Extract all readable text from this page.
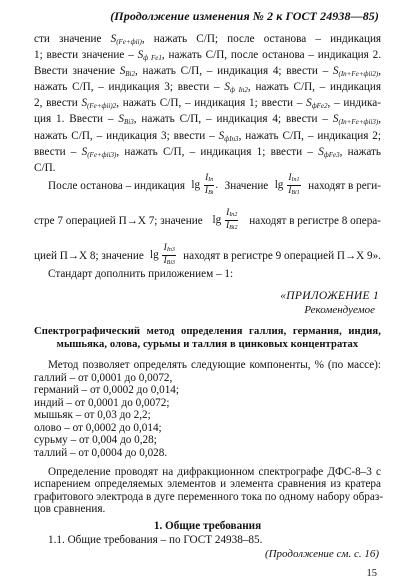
(Продолжение изменения № 2 к ГОСТ 24938—85)
сти значение $S_{(Fe+фіі)}$, нажать С/П; после останова – индикация
1; ввести значение – $S_{ф Fe1}$, нажать С/П, после останова – индикация 2.
Ввести значение $S_{Bi2}$, нажать С/П, – индикация 4; ввести – $S_{(In+Fe+фіі2)}$,
нажать С/П, – индикация 3; ввести – $S_{ф In2}$, нажать С/П, – индикация
2, ввести $S_{(Fe+фіі)2}$, нажать С/П, – индикация 1; ввести – $S_{фFe2}$, – индика-
ция 1. Ввести – $S_{Bi3}$, нажать С/П, – индикация 4; ввести – $S_{(In+Fe+фіі3)}$,
нажать С/П, – индикация 3; ввести – $S_{фIn3}$, нажать С/П, – индикация 2;
ввести – $S_{(Fe+фіі3)}$, нажать С/П, – индикация 1; ввести – $S_{фFe3}$, нажать
С/П.
После останова – индикация $\lg \frac{I_{In}}{I_{Bi}}$ . Значение $\lg \frac{I_{In1}}{I_{Bi1}}$ находят в реги-
стре 7 операцией П→Х 7; значение $\lg \frac{I_{In2}}{I_{Bi2}}$ находят в регистре 8 опера-
цией П→Х 8; значение $\lg \frac{I_{In3}}{I_{Bi3}}$ находят в регистре 9 операцией П→Х 9».
Стандарт дополнить приложением – 1:
«ПРИЛОЖЕНИЕ 1
Рекомендуемое
Спектрографический метод определения галлия, германия, индия,
мышьяка, олова, сурьмы и таллия в цинковых концентратах
Метод позволяет определять следующие компоненты, % (по массе):
галлий – от 0,0001 до 0,0072,
германий – от 0,0002 до 0,014;
индий – от 0,0001 до 0,0072;
мышьяк – от 0,03 до 2,2;
олово – от 0,0002 до 0,014;
сурьму – от 0,004 до 0,28;
таллий – от 0,0004 до 0,028.
Определение проводят на дифракционном спектрографе ДФС-8–3 с
испарением определяемых элементов и элемента сравнения из кратера
графитового электрода в дуге переменного тока по одному набору образ-
цов сравнения.
1. Общие требования
1.1. Общие требования – по ГОСТ 24938–85.
(Продолжение см. с. 16)
15
